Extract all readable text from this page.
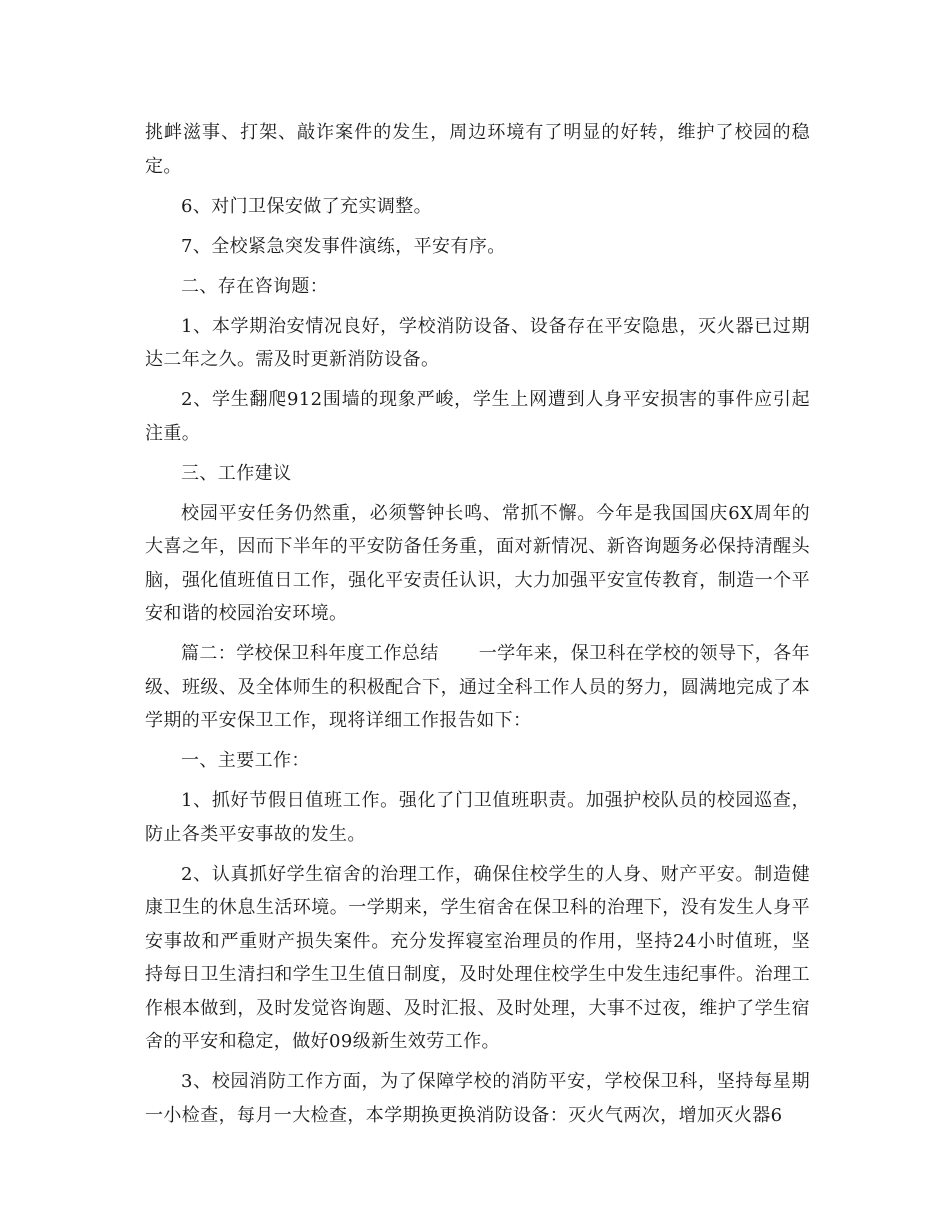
挑衅滋事、打架、敲诈案件的发生，周边环境有了明显的好转，维护了校园的稳定。

6、对门卫保安做了充实调整。

7、全校紧急突发事件演练，平安有序。

二、存在咨询题：

1、本学期治安情况良好，学校消防设备、设备存在平安隐患，灭火器已过期达二年之久。需及时更新消防设备。

2、学生翻爬912围墙的现象严峻，学生上网遭到人身平安损害的事件应引起注重。

三、工作建议

校园平安任务仍然重，必须警钟长鸣、常抓不懈。今年是我国国庆6X周年的大喜之年，因而下半年的平安防备任务重，面对新情况、新咨询题务必保持清醒头脑，强化值班值日工作，强化平安责任认识，大力加强平安宣传教育，制造一个平安和谐的校园治安环境。

篇二：学校保卫科年度工作总结 一学年来，保卫科在学校的领导下，各年级、班级、及全体师生的积极配合下，通过全科工作人员的努力，圆满地完成了本学期的平安保卫工作，现将详细工作报告如下：

一、主要工作：

1、抓好节假日值班工作。强化了门卫值班职责。加强护校队员的校园巡查，防止各类平安事故的发生。

2、认真抓好学生宿舍的治理工作，确保住校学生的人身、财产平安。制造健康卫生的休息生活环境。一学期来，学生宿舍在保卫科的治理下，没有发生人身平安事故和严重财产损失案件。充分发挥寝室治理员的作用，坚持24小时值班，坚持每日卫生清扫和学生卫生值日制度，及时处理住校学生中发生违纪事件。治理工作根本做到，及时发觉咨询题、及时汇报、及时处理，大事不过夜，维护了学生宿舍的平安和稳定，做好09级新生效劳工作。

3、校园消防工作方面，为了保障学校的消防平安，学校保卫科，坚持每星期一小检查，每月一大检查，本学期换更换消防设备：灭火气两次，增加灭火器6
